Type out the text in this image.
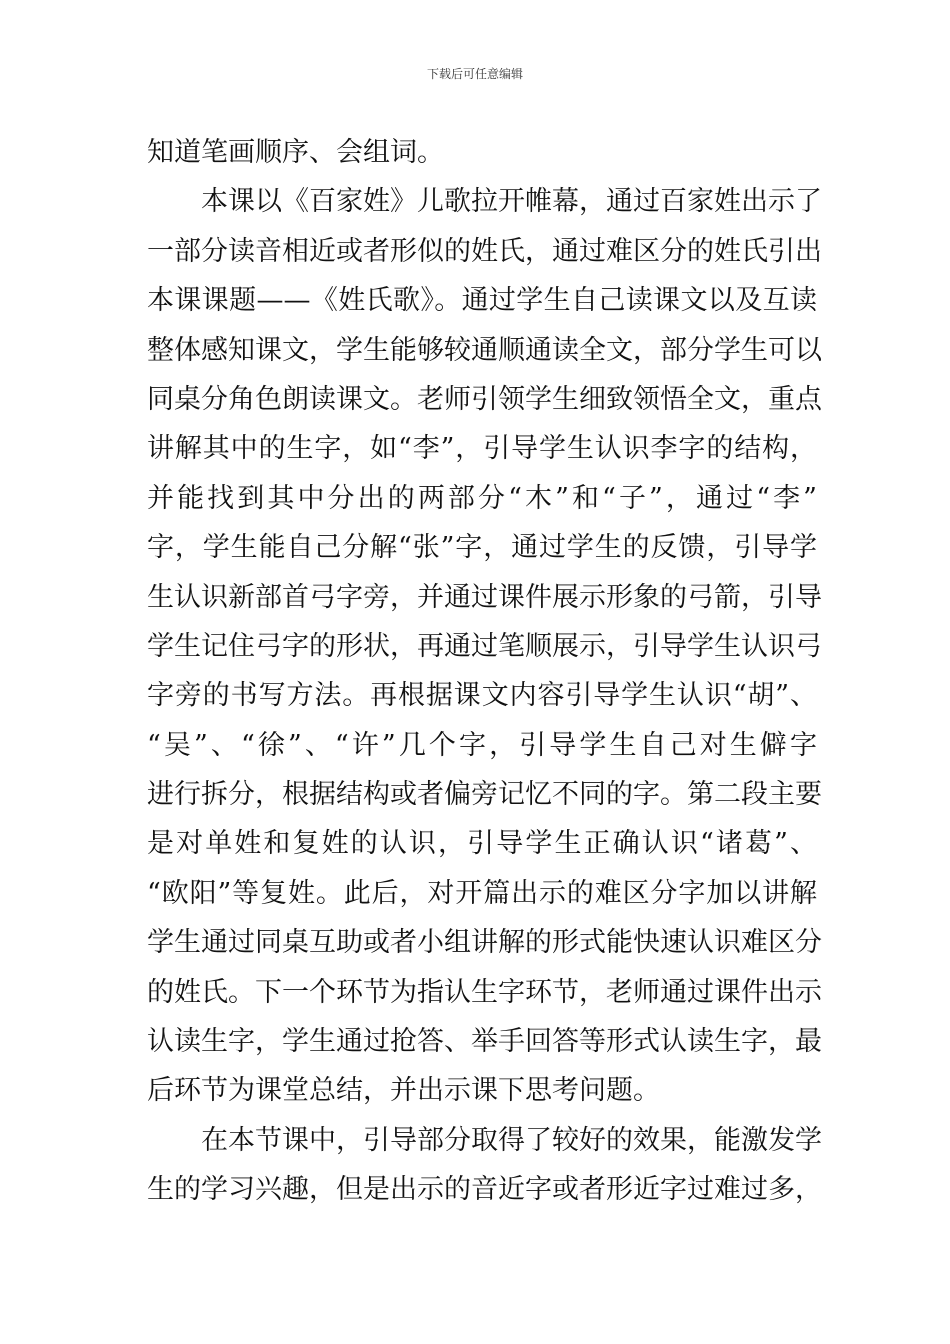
下载后可任意编辑
知道笔画顺序、会组词。
本课以《百家姓》儿歌拉开帷幕，通过百家姓出示了
一部分读音相近或者形似的姓氏，通过难区分的姓氏引出
本课课题——《姓氏歌》。通过学生自己读课文以及互读
整体感知课文，学生能够较通顺通读全文，部分学生可以
同桌分角色朗读课文。老师引领学生细致领悟全文，重点
讲解其中的生字，如“李”，引导学生认识李字的结构，
并能找到其中分出的两部分“木”和“子”，通过“李”
字，学生能自己分解“张”字，通过学生的反馈，引导学
生认识新部首弓字旁，并通过课件展示形象的弓箭，引导
学生记住弓字的形状，再通过笔顺展示，引导学生认识弓
字旁的书写方法。再根据课文内容引导学生认识“胡”、
“吴”、“徐”、“许”几个字，引导学生自己对生僻字
进行拆分，根据结构或者偏旁记忆不同的字。第二段主要
是对单姓和复姓的认识，引导学生正确认识“诸葛”、
“欧阳”等复姓。此后，对开篇出示的难区分字加以讲解
学生通过同桌互助或者小组讲解的形式能快速认识难区分
的姓氏。下一个环节为指认生字环节，老师通过课件出示
认读生字，学生通过抢答、举手回答等形式认读生字，最
后环节为课堂总结，并出示课下思考问题。
在本节课中，引导部分取得了较好的效果，能激发学
生的学习兴趣，但是出示的音近字或者形近字过难过多，
